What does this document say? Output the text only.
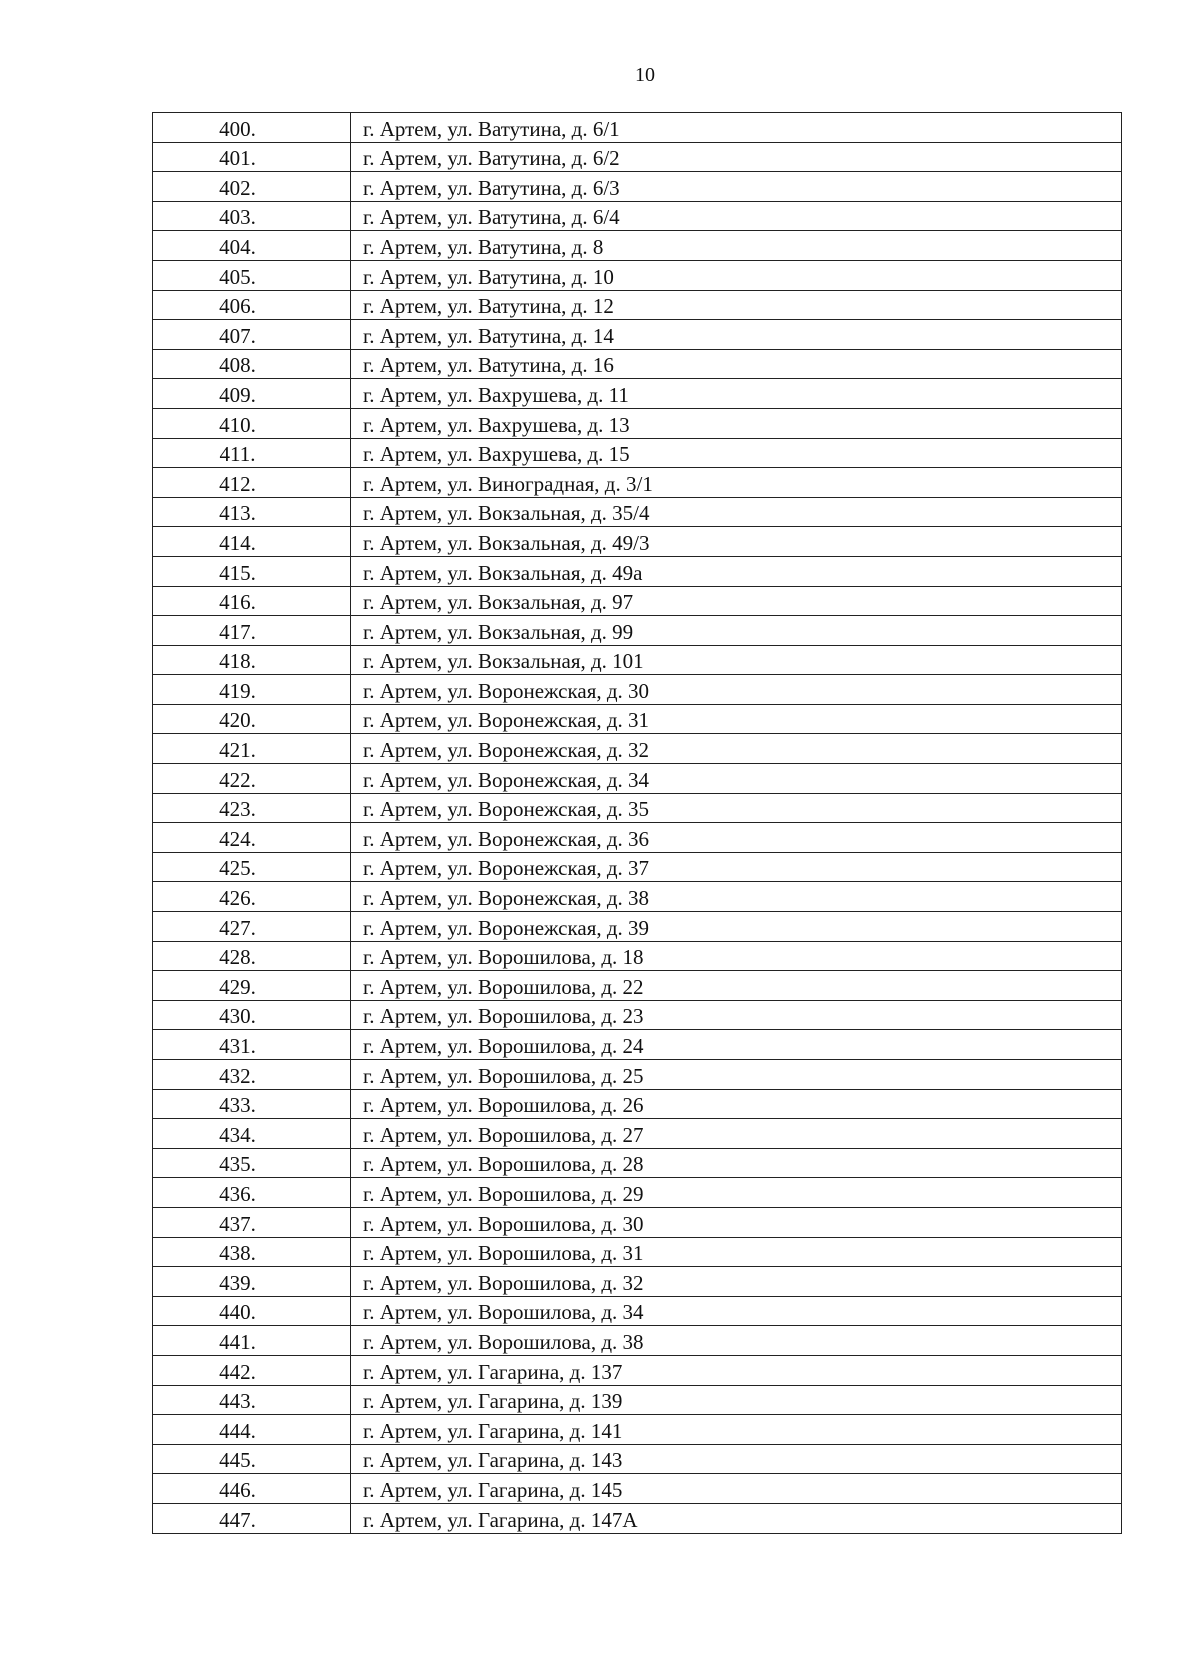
10
400.	г. Артем, ул. Ватутина, д. 6/1
401.	г. Артем, ул. Ватутина, д. 6/2
402.	г. Артем, ул. Ватутина, д. 6/3
403.	г. Артем, ул. Ватутина, д. 6/4
404.	г. Артем, ул. Ватутина, д. 8
405.	г. Артем, ул. Ватутина, д. 10
406.	г. Артем, ул. Ватутина, д. 12
407.	г. Артем, ул. Ватутина, д. 14
408.	г. Артем, ул. Ватутина, д. 16
409.	г. Артем, ул. Вахрушева, д. 11
410.	г. Артем, ул. Вахрушева, д. 13
411.	г. Артем, ул. Вахрушева, д. 15
412.	г. Артем, ул. Виноградная, д. 3/1
413.	г. Артем, ул. Вокзальная, д. 35/4
414.	г. Артем, ул. Вокзальная, д. 49/3
415.	г. Артем, ул. Вокзальная, д. 49а
416.	г. Артем, ул. Вокзальная, д. 97
417.	г. Артем, ул. Вокзальная, д. 99
418.	г. Артем, ул. Вокзальная, д. 101
419.	г. Артем, ул. Воронежская, д. 30
420.	г. Артем, ул. Воронежская, д. 31
421.	г. Артем, ул. Воронежская, д. 32
422.	г. Артем, ул. Воронежская, д. 34
423.	г. Артем, ул. Воронежская, д. 35
424.	г. Артем, ул. Воронежская, д. 36
425.	г. Артем, ул. Воронежская, д. 37
426.	г. Артем, ул. Воронежская, д. 38
427.	г. Артем, ул. Воронежская, д. 39
428.	г. Артем, ул. Ворошилова, д. 18
429.	г. Артем, ул. Ворошилова, д. 22
430.	г. Артем, ул. Ворошилова, д. 23
431.	г. Артем, ул. Ворошилова, д. 24
432.	г. Артем, ул. Ворошилова, д. 25
433.	г. Артем, ул. Ворошилова, д. 26
434.	г. Артем, ул. Ворошилова, д. 27
435.	г. Артем, ул. Ворошилова, д. 28
436.	г. Артем, ул. Ворошилова, д. 29
437.	г. Артем, ул. Ворошилова, д. 30
438.	г. Артем, ул. Ворошилова, д. 31
439.	г. Артем, ул. Ворошилова, д. 32
440.	г. Артем, ул. Ворошилова, д. 34
441.	г. Артем, ул. Ворошилова, д. 38
442.	г. Артем, ул. Гагарина, д. 137
443.	г. Артем, ул. Гагарина, д. 139
444.	г. Артем, ул. Гагарина, д. 141
445.	г. Артем, ул. Гагарина, д. 143
446.	г. Артем, ул. Гагарина, д. 145
447.	г. Артем, ул. Гагарина, д. 147А
